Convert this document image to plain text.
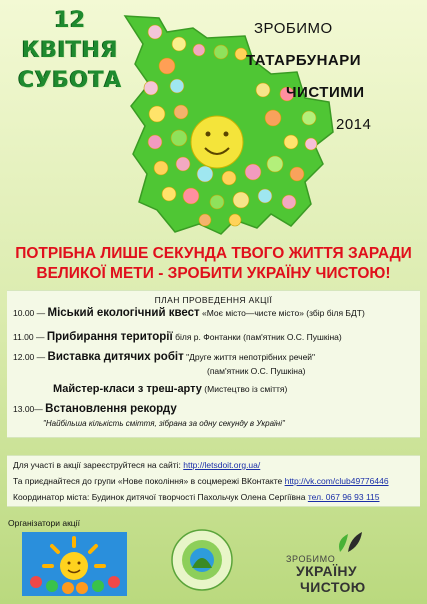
12
КВІТНЯ
СУБОТА
ЗРОБИМО
ТАТАРБУНАРИ
ЧИСТИМИ
2014
ПОТРІБНА ЛИШЕ СЕКУНДА ТВОГО ЖИТТЯ ЗАРАДИ
ВЕЛИКОЇ МЕТИ - ЗРОБИТИ УКРАЇНУ ЧИСТОЮ!
ПЛАН ПРОВЕДЕННЯ АКЦІЇ
10.00 — Міський екологічний квест «Моє місто—чисте місто» (збір біля БДТ)
11.00 — Прибирання території біля р. Фонтанки (пам'ятник О.С. Пушкіна)
12.00 — Виставка дитячих робіт "Друге життя непотрібних речей"
(пам'ятник О.С. Пушкіна)
Майстер-класи з треш-арту (Мистецтво із сміття)
13.00— Встановлення рекорду
"Найбільша кількість сміття, зібрана за одну секунду в Україні"
Для участі в акції зареєструйтеся на сайті: http://letsdoit.org.ua/
Та приєднайтеся до групи «Нове покоління» в соцмережі ВКонтакте http://vk.com/club49776446
Координатор міста: Будинок дитячої творчості Пахольчук Олена Сергіївна тел. 067 96 93 115
Організатори акції
ЗРОБИМО
УКРАЇНУ
ЧИСТОЮ
